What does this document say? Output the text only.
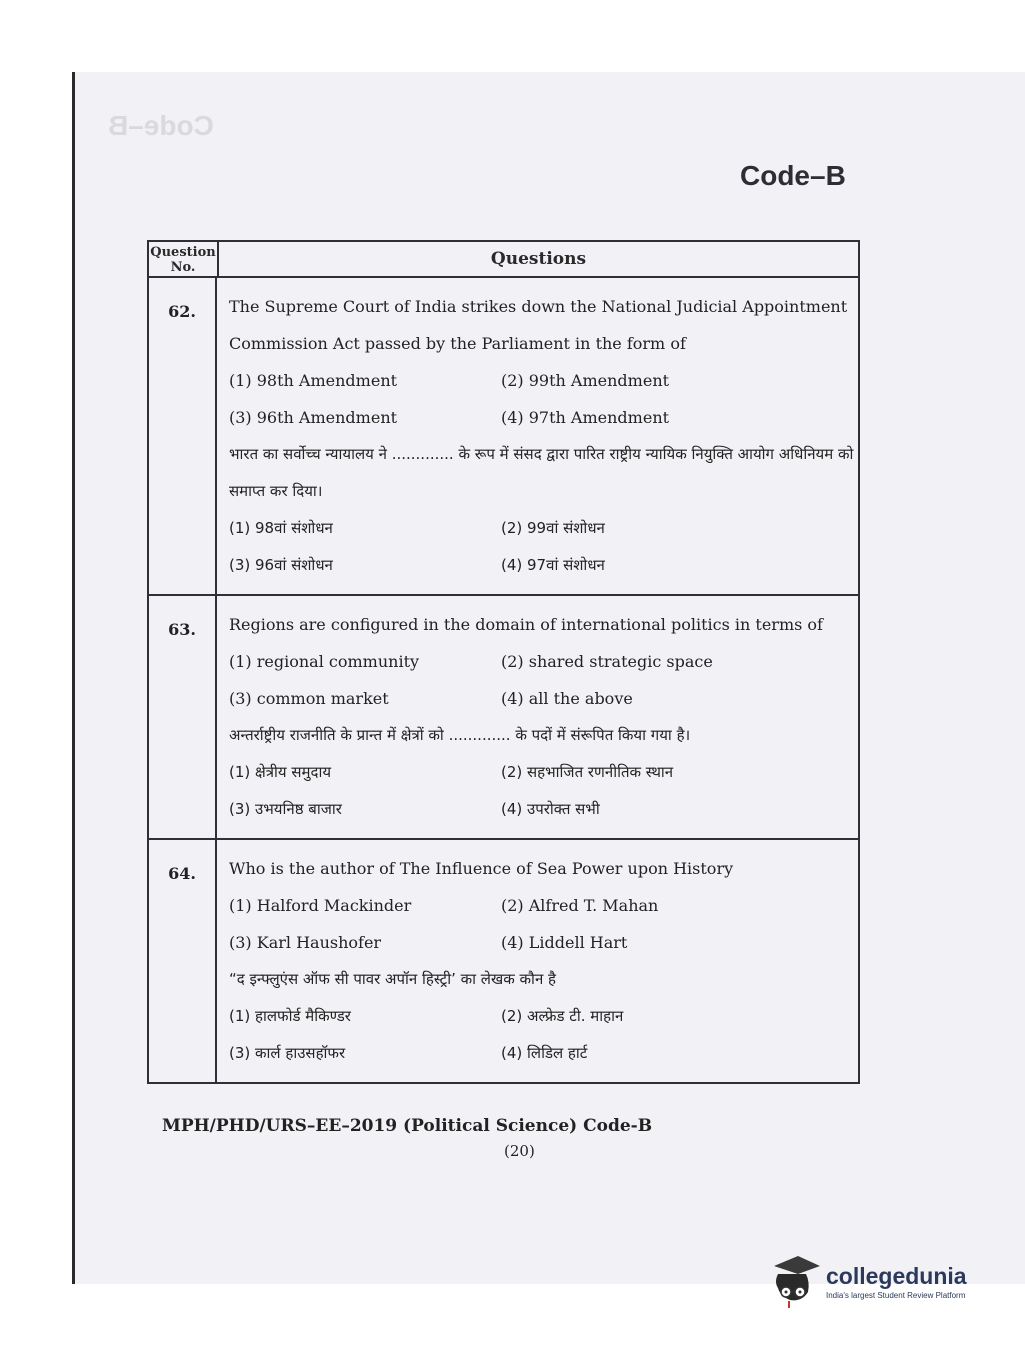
Code–B
Code–B
Question No.	Questions
62.	The Supreme Court of India strikes down the National Judicial Appointment Commission Act passed by the Parliament in the form of
(1) 98th Amendment	(2) 99th Amendment
(3) 96th Amendment	(4) 97th Amendment
भारत का सर्वोच्च न्यायालय ने ............. के रूप में संसद द्वारा पारित राष्ट्रीय न्यायिक नियुक्ति आयोग अधिनियम को समाप्त कर दिया।
(1) 98वां संशोधन	(2) 99वां संशोधन
(3) 96वां संशोधन	(4) 97वां संशोधन
63.	Regions are configured in the domain of international politics in terms of
(1) regional community	(2) shared strategic space
(3) common market	(4) all the above
अन्तर्राष्ट्रीय राजनीति के प्रान्त में क्षेत्रों को ............. के पदों में संरूपित किया गया है।
(1) क्षेत्रीय समुदाय	(2) सहभाजित रणनीतिक स्थान
(3) उभयनिष्ठ बाजार	(4) उपरोक्त सभी
64.	Who is the author of The Influence of Sea Power upon History
(1) Halford Mackinder	(2) Alfred T. Mahan
(3) Karl Haushofer	(4) Liddell Hart
“द इन्फ्लुएंस ऑफ सी पावर अपॉन हिस्ट्री’ का लेखक कौन है
(1) हालफोर्ड मैकिण्डर	(2) अल्फ्रेड टी. माहान
(3) कार्ल हाउसहॉफर	(4) लिडिल हार्ट
MPH/PHD/URS–EE–2019 (Political Science) Code-B
(20)
collegedunia
India's largest Student Review Platform
